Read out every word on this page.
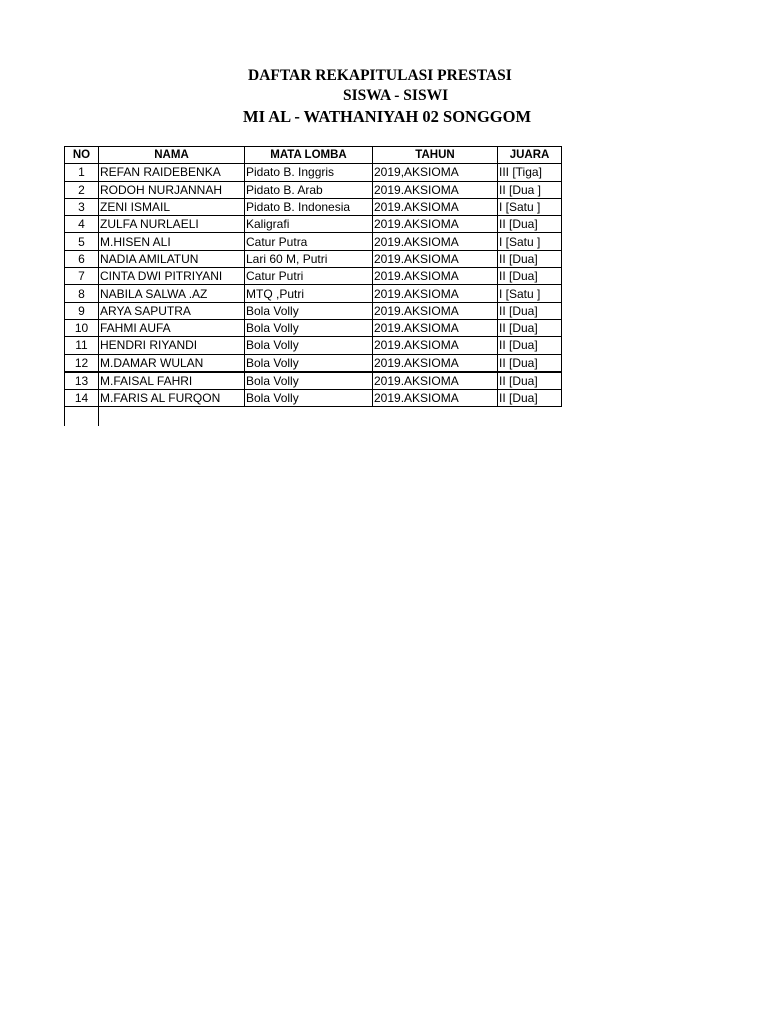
DAFTAR REKAPITULASI PRESTASI
SISWA - SISWI
MI AL - WATHANIYAH 02 SONGGOM
NO	NAMA	MATA LOMBA	TAHUN	JUARA
1	REFAN RAIDEBENKA	Pidato B. Inggris	2019,AKSIOMA	III [Tiga]
2	RODOH NURJANNAH	Pidato B. Arab	2019.AKSIOMA	II [Dua ]
3	ZENI ISMAIL	Pidato B. Indonesia	2019.AKSIOMA	I [Satu ]
4	ZULFA NURLAELI	Kaligrafi	2019.AKSIOMA	II [Dua]
5	M.HISEN ALI	Catur Putra	2019.AKSIOMA	I [Satu ]
6	NADIA AMILATUN	Lari 60 M, Putri	2019.AKSIOMA	II [Dua]
7	CINTA DWI PITRIYANI	Catur Putri	2019.AKSIOMA	II [Dua]
8	NABILA SALWA .AZ	MTQ ,Putri	2019.AKSIOMA	I [Satu ]
9	ARYA SAPUTRA	Bola Volly	2019.AKSIOMA	II [Dua]
10	FAHMI AUFA	Bola Volly	2019.AKSIOMA	II [Dua]
11	HENDRI RIYANDI	Bola Volly	2019.AKSIOMA	II [Dua]
12	M.DAMAR WULAN	Bola Volly	2019.AKSIOMA	II [Dua]
13	M.FAISAL FAHRI	Bola Volly	2019.AKSIOMA	II [Dua]
14	M.FARIS AL FURQON	Bola Volly	2019.AKSIOMA	II [Dua]
